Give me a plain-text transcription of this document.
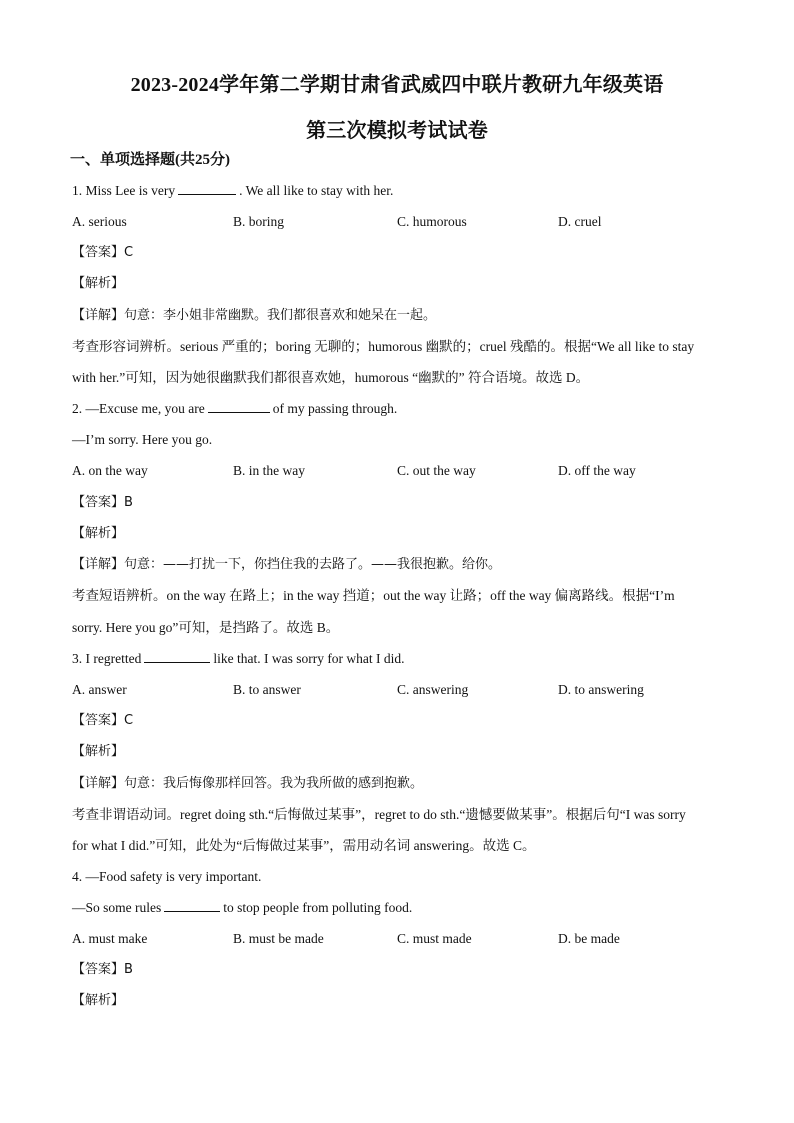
2023-2024学年第二学期甘肃省武威四中联片教研九年级英语
第三次模拟考试试卷
一、单项选择题(共25分)
1. Miss Lee is very	. We all like to stay with her.
A. serious	B. boring	C. humorous	D. cruel
【答案】C
【解析】
【详解】句意：李小姐非常幽默。我们都很喜欢和她呆在一起。
考查形容词辨析。serious 严重的；boring 无聊的；humorous 幽默的；cruel 残酷的。根据“We all like to stay
with her.”可知，因为她很幽默我们都很喜欢她，humorous “幽默的” 符合语境。故选 D。
2. —Excuse me, you are	of my passing through.
—I’m sorry. Here you go.
A. on the way	B. in the way	C. out the way	D. off the way
【答案】B
【解析】
【详解】句意：——打扰一下，你挡住我的去路了。——我很抱歉。给你。
考查短语辨析。on the way 在路上；in the way 挡道；out the way 让路；off the way 偏离路线。根据“I’m
sorry. Here you go”可知，是挡路了。故选 B。
3. I regretted	like that. I was sorry for what I did.
A. answer	B. to answer	C. answering	D. to answering
【答案】C
【解析】
【详解】句意：我后悔像那样回答。我为我所做的感到抱歉。
考查非谓语动词。regret doing sth.“后悔做过某事”，regret to do sth.“遗憾要做某事”。根据后句“I was sorry
for what I did.”可知，此处为“后悔做过某事”，需用动名词 answering。故选 C。
4. —Food safety is very important.
—So some rules	to stop people from polluting food.
A. must make	B. must be made	C. must made	D. be made
【答案】B
【解析】
